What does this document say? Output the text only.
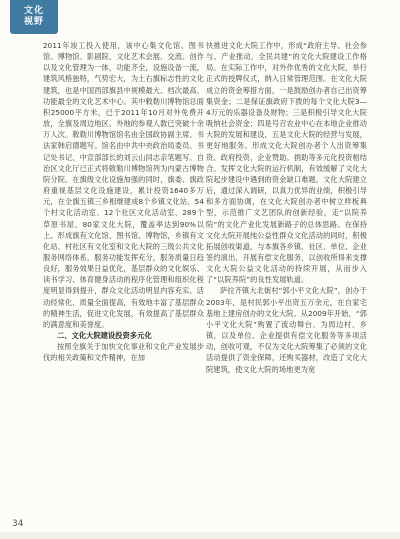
文化
视野

2011年竣工投入使用，该中心集文化馆、图书馆、博物馆、影剧院、文化艺术会展、交流、创作以及文化管理为一体，功能齐全，设施设备一流，建筑风格独特，气势宏大，为土右旗标志性的文化建筑，也是中国西部旗县中规模最大、档次最高、功能最全的文化艺术中心。其中敕勒川博物馆总面积25000平方米，已于2011年10月对外免费开放，全旗及周边地区、外地的参观人数已突破十余万人次。敕勒川博物馆馆名由全国政协副主席、书法家韩启德题写。馆名由中共中央政治局委员、书记处书记、中宣部部长的刘云山同志亲笔题写。自治区文化厅已正式将敕勒川博物馆列为内蒙古博物院分院。在旗级文化设施加强的同时，旗委、旗政府重视基层文化设施建设，累计投资1640多万元，在全旗五镇三乡相继建成8个乡镇文化站、54个村文化活动室、12个社区文化活动室、289个草原书屋、80家文化大院，覆盖率达到90%以上。形成旗有文化馆、图书馆、博物馆，乡镇有文化站、村社区有文化室和文化大院的三级公共文化服务网络体系，服务功能发挥充分，服务质量日趋良好，服务效果日益优化，基层群众的文化娱乐、读书学习、体育健身活动的程序化管理和组织化程度明显得到提升，群众文化活动明显内容充实、活动经常化、质量全面提高，有效地丰富了基层群众的精神生活，促进文化发展，有效提高了基层群众的满意度和美誉度。

二、文化大院建设投资多元化

按照全旗关于加快文化事业和文化产业发展步伐的相关政策和文件精神，在加

快推进文化大院工作中，形成“政府主导、社会参与、产业推动、全民共建”的文化大院建设工作格局。在实际工作中，对外作优秀的文化大院，举行正式的授牌仪式，纳入日常管理范围。在文化大院成立的资金筹措方面，一是鼓励创办者自己出资筹集资金；二是保证旗政府下拨的每个文化大院3—4万元的乐器设备及财物；三是积极引导文化大院吸纳社会资金；四是号召农业中心在本地企业推动大院的发展和建设，五是文化大院的经营与发展，更好地服务。形成文化大院创办者个人出资筹集资、政府投资、企业赞助。捐助等多元化投资相结合。发挥文化大院的运行机制，有效缓解了文化大院起步建设中遇到的资金缺口难题。文化大院建立后，通过深入调研，以真力优异的业绩，积极引导和多方面协调，在文化大院创办者中树立样板典型，示范推广文艺团队的创新经验，走“以院养院”的文化产业化发展新路子的总体思路。在保持文化大院开展纯公益性群众文化活动的同时，积极拓展创收渠道，与本旗各乡镇、社区、单位、企业签约演出，开展有偿文化服务，以创收所得来支撑文化大院公益文化活动的持续开展，从而步入了“以院养院”的良性发展轨道。

萨拉齐镇大北街村“郭小平文化大院”，创办于2003年，是村民郭小平出资五万余元，在自家宅基地上建房创办的文化大院。从2009年开始，“郭小平文化大院”购置了流动舞台、为周边村、乡镇，以及单位、企业提供有偿文化服务等多项活动，创收可观，不仅为文化大院筹集了必须的文化活动提供了资金保障，还购买器材，改造了文化大院建筑，使文化大院的场地更为宽

34
